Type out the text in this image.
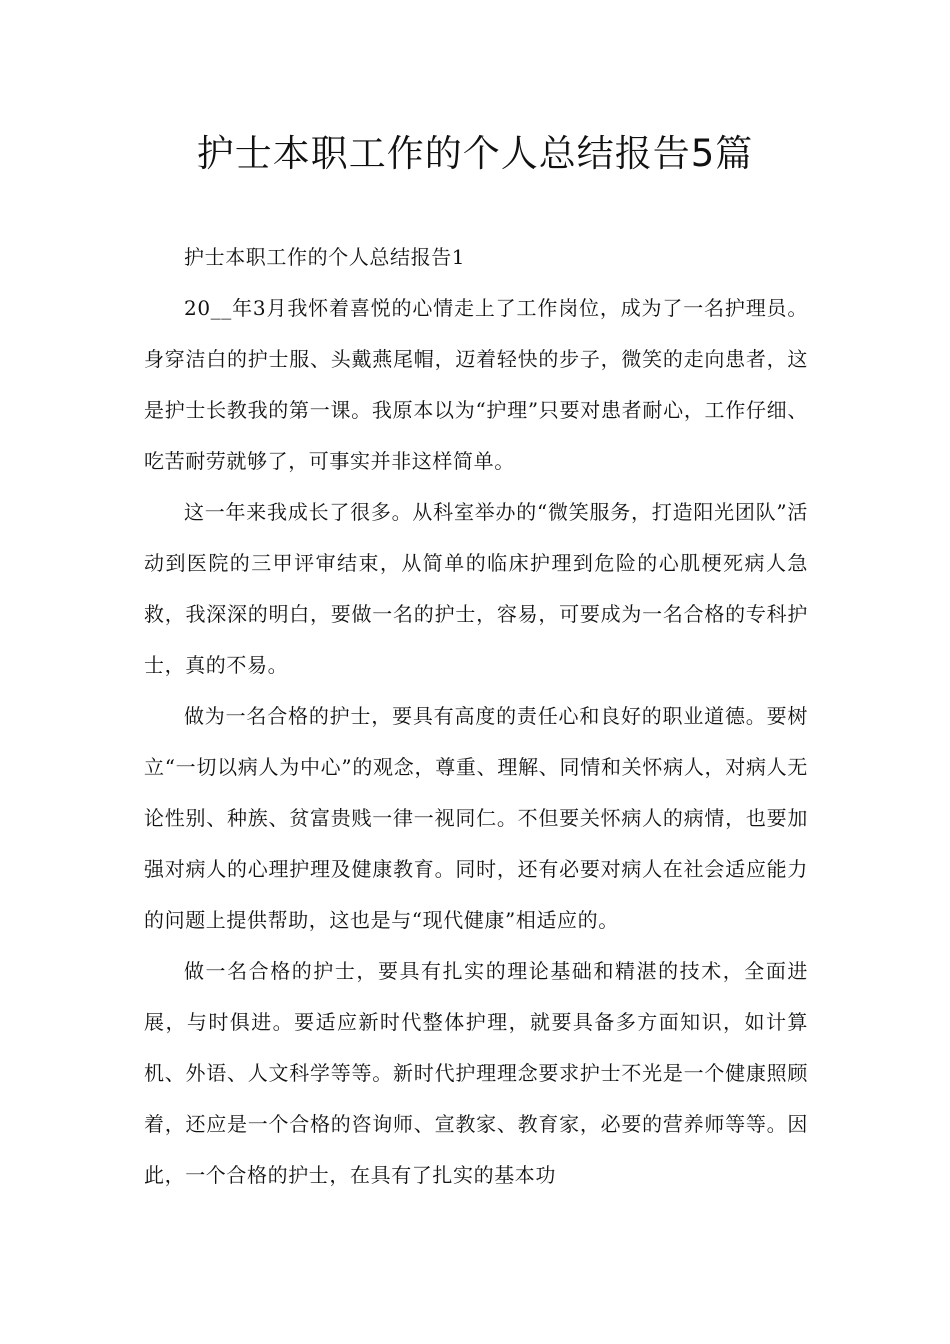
护士本职工作的个人总结报告5篇

护士本职工作的个人总结报告1

20__年3月我怀着喜悦的心情走上了工作岗位，成为了一名护理员。身穿洁白的护士服、头戴燕尾帽，迈着轻快的步子，微笑的走向患者，这是护士长教我的第一课。我原本以为“护理”只要对患者耐心，工作仔细、吃苦耐劳就够了，可事实并非这样简单。

这一年来我成长了很多。从科室举办的“微笑服务，打造阳光团队”活动到医院的三甲评审结束，从简单的临床护理到危险的心肌梗死病人急救，我深深的明白，要做一名的护士，容易，可要成为一名合格的专科护士，真的不易。

做为一名合格的护士，要具有高度的责任心和良好的职业道德。要树立“一切以病人为中心”的观念，尊重、理解、同情和关怀病人，对病人无论性别、种族、贫富贵贱一律一视同仁。不但要关怀病人的病情，也要加强对病人的心理护理及健康教育。同时，还有必要对病人在社会适应能力的问题上提供帮助，这也是与“现代健康”相适应的。

做一名合格的护士，要具有扎实的理论基础和精湛的技术，全面进展，与时俱进。要适应新时代整体护理，就要具备多方面知识，如计算机、外语、人文科学等等。新时代护理理念要求护士不光是一个健康照顾着，还应是一个合格的咨询师、宣教家、教育家，必要的营养师等等。因此，一个合格的护士，在具有了扎实的基本功
